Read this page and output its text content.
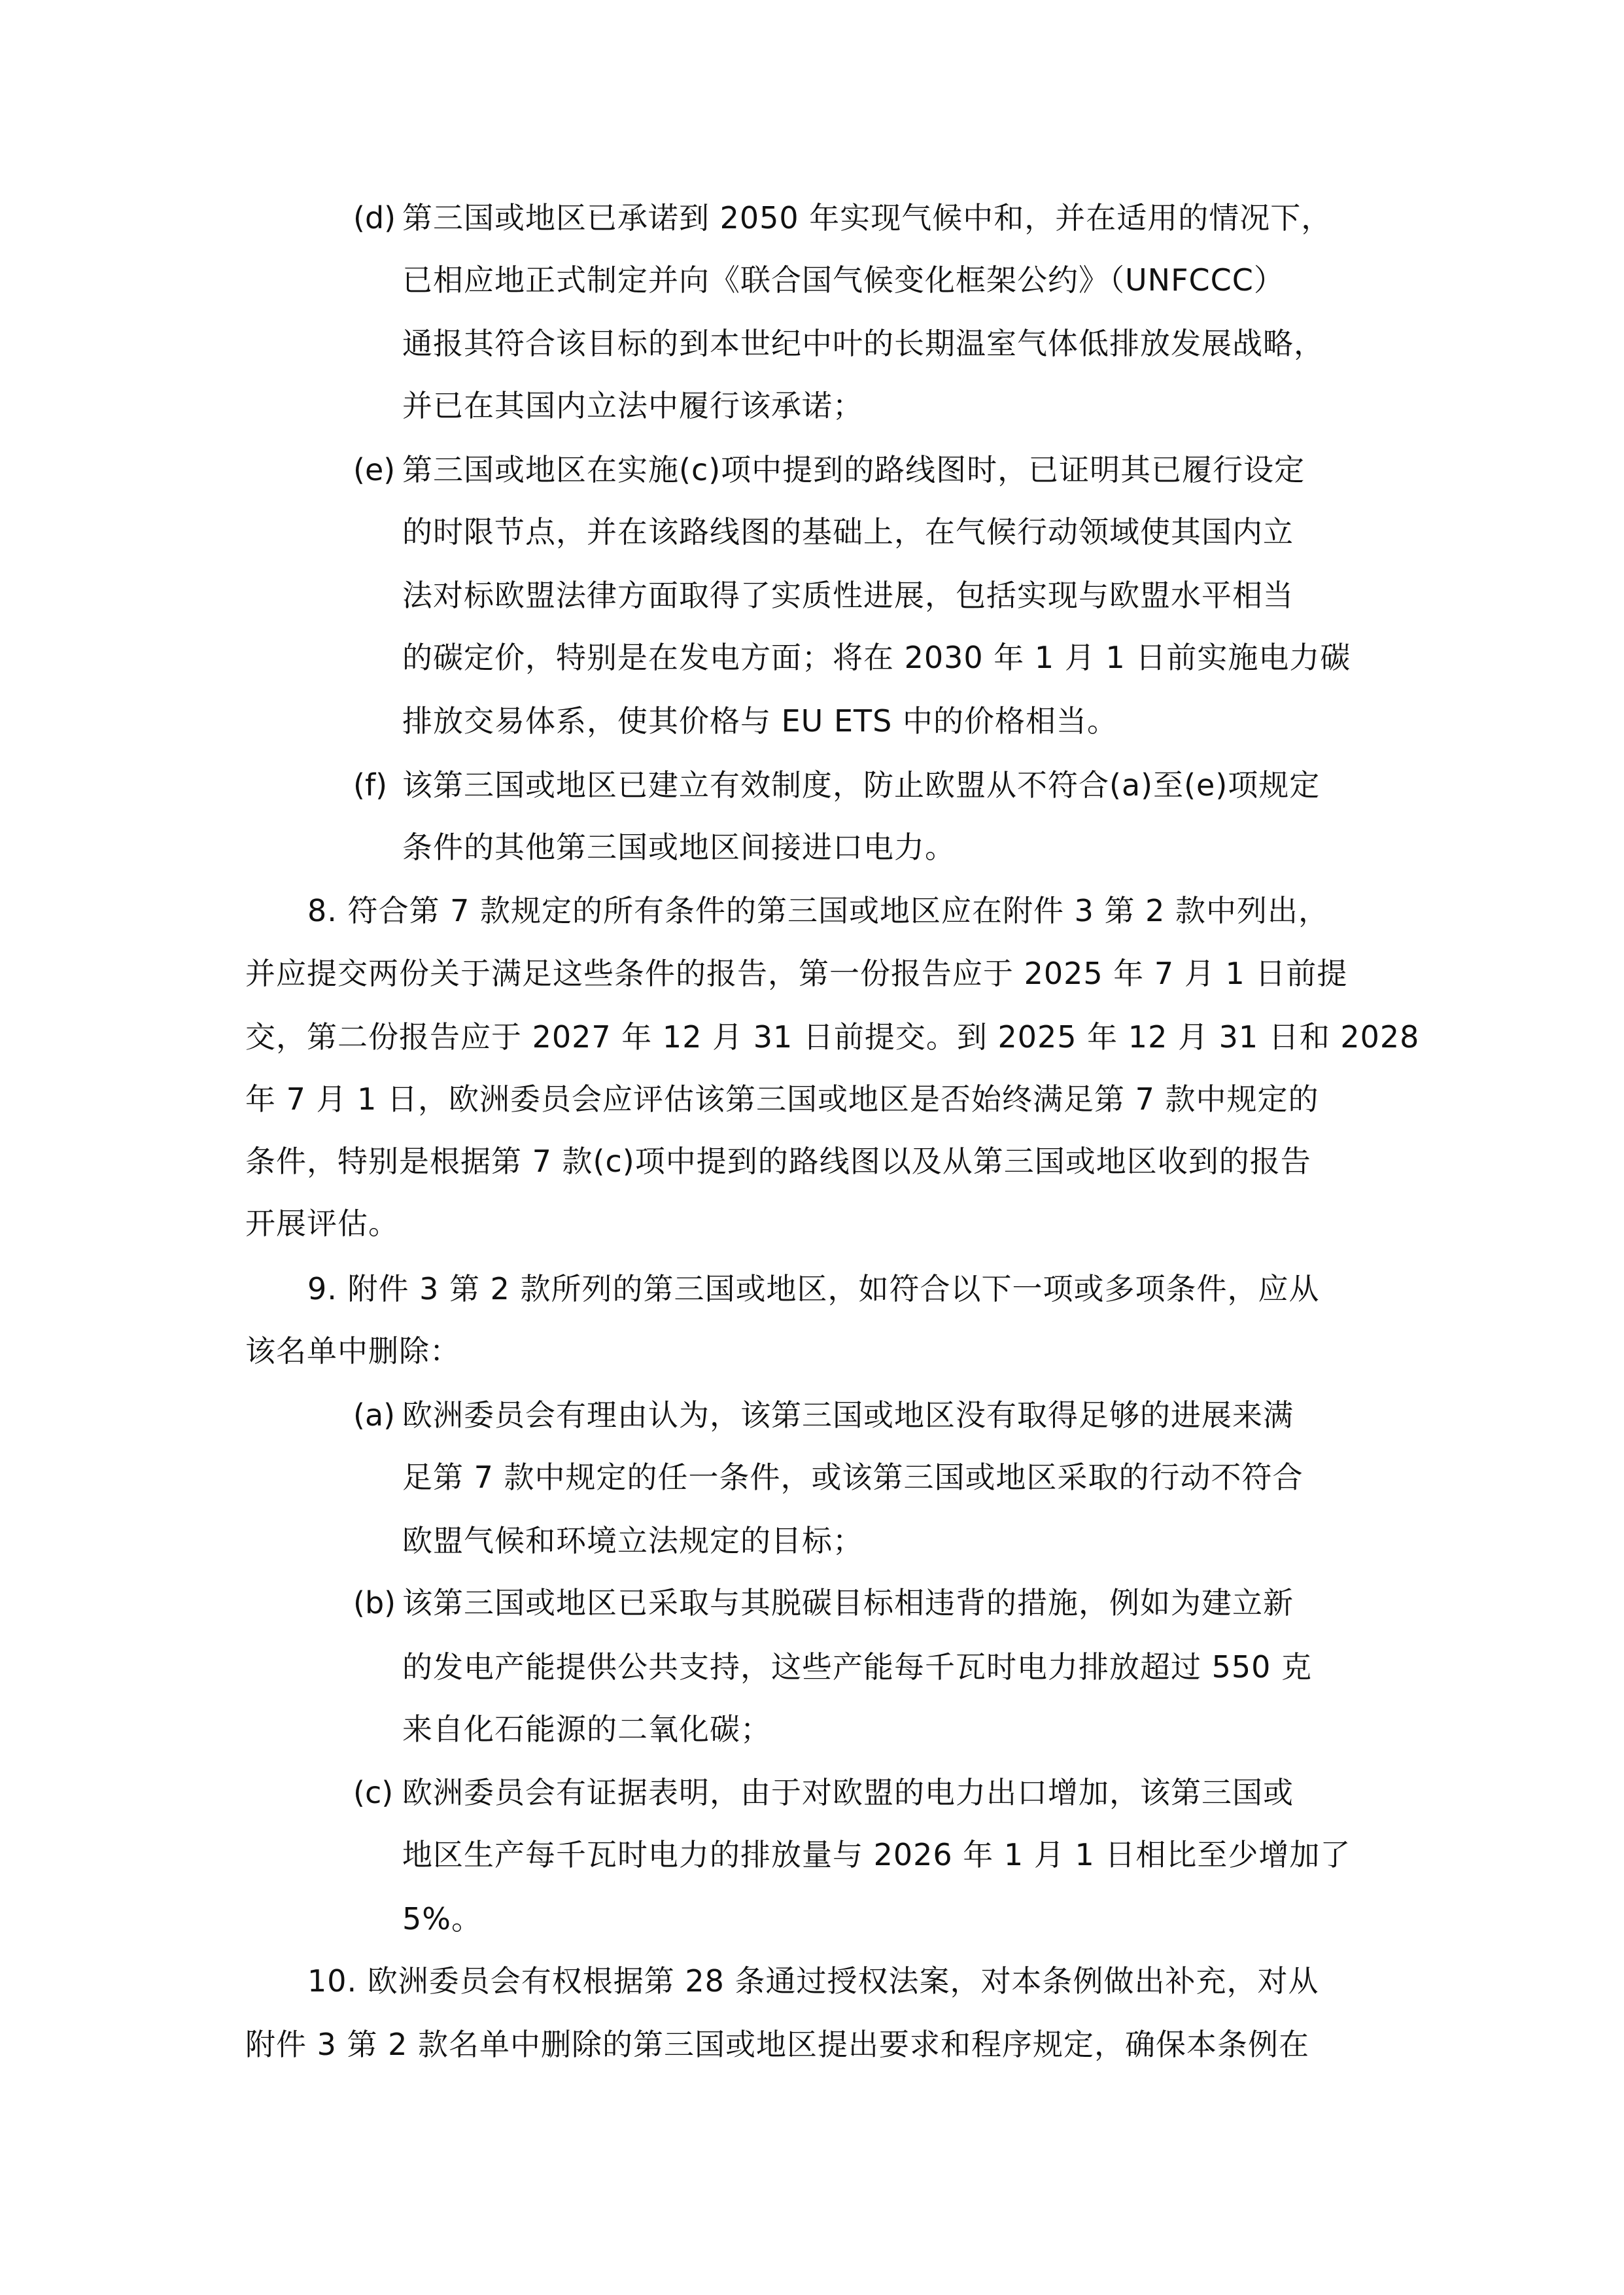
(d) 第三国或地区已承诺到 2050 年实现气候中和，并在适用的情况下，
已相应地正式制定并向《联合国气候变化框架公约》（UNFCCC）
通报其符合该目标的到本世纪中叶的长期温室气体低排放发展战略，
并已在其国内立法中履行该承诺；
(e) 第三国或地区在实施(c)项中提到的路线图时，已证明其已履行设定
的时限节点，并在该路线图的基础上，在气候行动领域使其国内立
法对标欧盟法律方面取得了实质性进展，包括实现与欧盟水平相当
的碳定价，特别是在发电方面；将在 2030 年 1 月 1 日前实施电力碳
排放交易体系，使其价格与 EU ETS 中的价格相当。
(f) 该第三国或地区已建立有效制度，防止欧盟从不符合(a)至(e)项规定
条件的其他第三国或地区间接进口电力。
8. 符合第 7 款规定的所有条件的第三国或地区应在附件 3 第 2 款中列出，
并应提交两份关于满足这些条件的报告，第一份报告应于 2025 年 7 月 1 日前提
交，第二份报告应于 2027 年 12 月 31 日前提交。到 2025 年 12 月 31 日和 2028
年 7 月 1 日，欧洲委员会应评估该第三国或地区是否始终满足第 7 款中规定的
条件，特别是根据第 7 款(c)项中提到的路线图以及从第三国或地区收到的报告
开展评估。
9. 附件 3 第 2 款所列的第三国或地区，如符合以下一项或多项条件，应从
该名单中删除：
(a) 欧洲委员会有理由认为，该第三国或地区没有取得足够的进展来满
足第 7 款中规定的任一条件，或该第三国或地区采取的行动不符合
欧盟气候和环境立法规定的目标；
(b) 该第三国或地区已采取与其脱碳目标相违背的措施，例如为建立新
的发电产能提供公共支持，这些产能每千瓦时电力排放超过 550 克
来自化石能源的二氧化碳；
(c) 欧洲委员会有证据表明，由于对欧盟的电力出口增加，该第三国或
地区生产每千瓦时电力的排放量与 2026 年 1 月 1 日相比至少增加了
5%。
10. 欧洲委员会有权根据第 28 条通过授权法案，对本条例做出补充，对从
附件 3 第 2 款名单中删除的第三国或地区提出要求和程序规定，确保本条例在
